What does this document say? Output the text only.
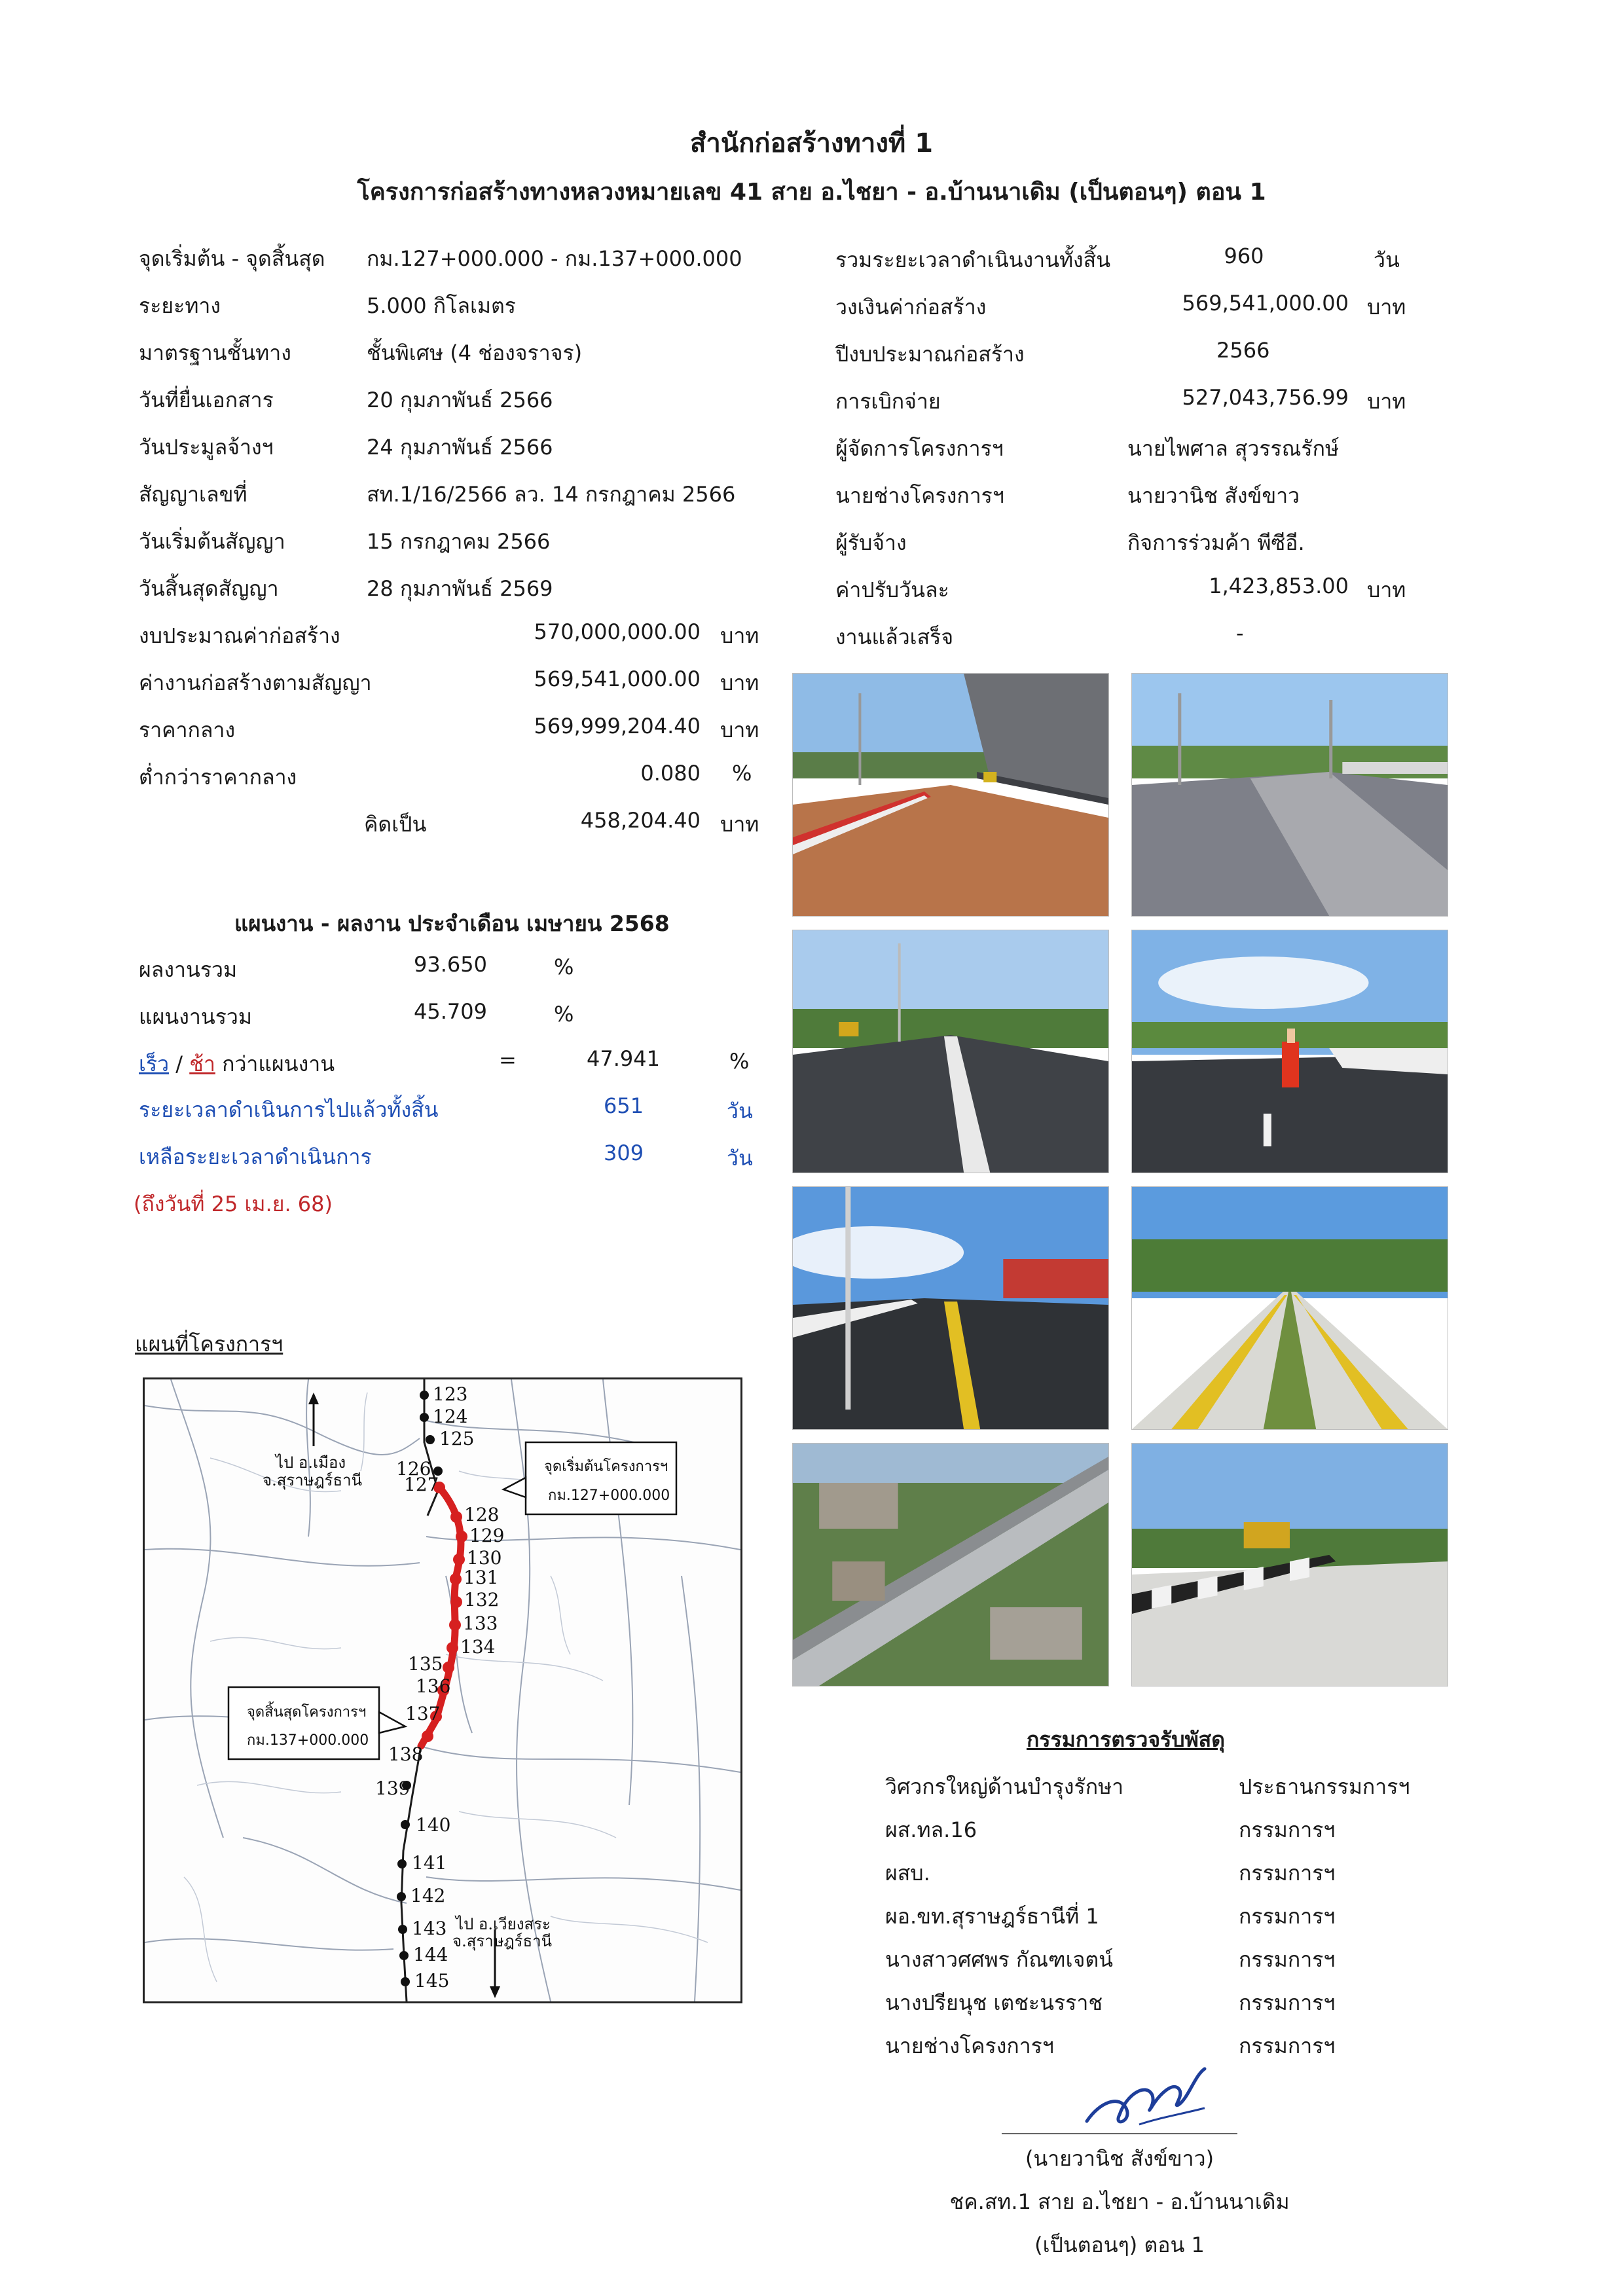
สำนักก่อสร้างทางที่ 1
โครงการก่อสร้างทางหลวงหมายเลข 41 สาย อ.ไชยา - อ.บ้านนาเดิม (เป็นตอนๆ) ตอน 1
จุดเริ่มต้น - จุดสิ้นสุด กม.127+000.000 - กม.137+000.000
ระยะทาง	5.000 กิโลเมตร
มาตรฐานชั้นทาง	ชั้นพิเศษ (4 ช่องจราจร)
วันที่ยื่นเอกสาร	20 กุมภาพันธ์ 2566
วันประมูลจ้างฯ	24 กุมภาพันธ์ 2566
สัญญาเลขที่	สท.1/16/2566 ลว. 14 กรกฎาคม 2566
วันเริ่มต้นสัญญา	15 กรกฎาคม 2566
วันสิ้นสุดสัญญา	28 กุมภาพันธ์ 2569
งบประมาณค่าก่อสร้าง	570,000,000.00 บาท
ค่างานก่อสร้างตามสัญญา	569,541,000.00 บาท
ราคากลาง	569,999,204.40 บาท
ต่ำกว่าราคากลาง	0.080 %
คิดเป็น	458,204.40 บาท
รวมระยะเวลาดำเนินงานทั้งสิ้น	960	วัน
วงเงินค่าก่อสร้าง	569,541,000.00 บาท
ปีงบประมาณก่อสร้าง	2566
การเบิกจ่าย	527,043,756.99 บาท
ผู้จัดการโครงการฯ	นายไพศาล สุวรรณรักษ์
นายช่างโครงการฯ	นายวานิช สังข์ขาว
ผู้รับจ้าง	กิจการร่วมค้า พีซีอี.
ค่าปรับวันละ	1,423,853.00 บาท
งานแล้วเสร็จ	-
แผนงาน - ผลงาน ประจำเดือน เมษายน 2568
ผลงานรวม	93.650	%
แผนงานรวม	45.709	%
เร็ว / ช้า กว่าแผนงาน	=	47.941	%
ระยะเวลาดำเนินการไปแล้วทั้งสิ้น	651	วัน
เหลือระยะเวลาดำเนินการ	309	วัน
(ถึงวันที่ 25 เม.ย. 68)
แผนที่โครงการฯ
123
124
125
126
127
128
129
130
131
132
133
134
135
136
137
138
139
140
141
142
143
144
145
ไป อ.เมือง
จ.สุราษฎร์ธานี
ไป อ.เวียงสระ
จ.สุราษฎร์ธานี
จุดเริ่มต้นโครงการฯ
กม.127+000.000
จุดสิ้นสุดโครงการฯ
กม.137+000.000	กรรมการตรวจรับพัสดุ
วิศวกรใหญ่ด้านบำรุงรักษา	ประธานกรรมการฯ
ผส.ทล.16	กรรมการฯ
ผสบ.	กรรมการฯ
ผอ.ขท.สุราษฎร์ธานีที่ 1	กรรมการฯ
นางสาวศศพร กัณฑเจตน์	กรรมการฯ
นางปรียนุช เตชะนรราช	กรรมการฯ
นายช่างโครงการฯ	กรรมการฯ
(นายวานิช สังข์ขาว)
ชค.สท.1 สาย อ.ไชยา - อ.บ้านนาเดิม
(เป็นตอนๆ) ตอน 1
